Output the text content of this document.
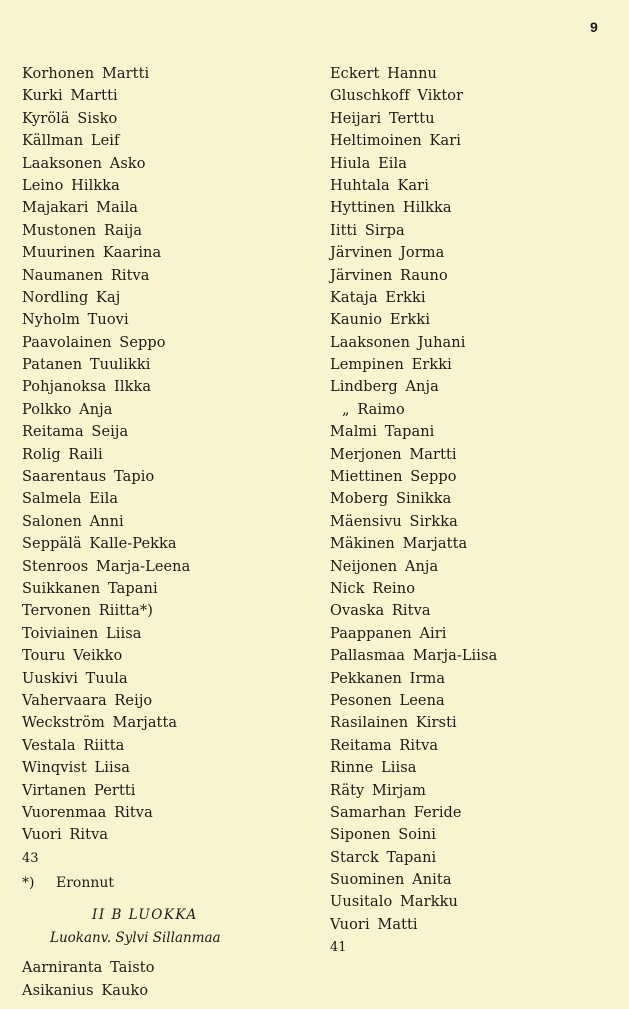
9
Korhonen Martti
Kurki Martti
Kyrölä Sisko
Källman Leif
Laaksonen Asko
Leino Hilkka
Majakari Maila
Mustonen Raija
Muurinen Kaarina
Naumanen Ritva
Nordling Kaj
Nyholm Tuovi
Paavolainen Seppo
Patanen Tuulikki
Pohjanoksa Ilkka
Polkko Anja
Reitama Seija
Rolig Raili
Saarentaus Tapio
Salmela Eila
Salonen Anni
Seppälä Kalle-Pekka
Stenroos Marja-Leena
Suikkanen Tapani
Tervonen Riitta*)
Toiviainen Liisa
Touru Veikko
Uuskivi Tuula
Vahervaara Reijo
Weckström Marjatta
Vestala Riitta
Winqvist Liisa
Virtanen Pertti
Vuorenmaa Ritva
Vuori Ritva
43
*) Eronnut
II B LUOKKA
Luokanv. Sylvi Sillanmaa
Aarniranta Taisto
Asikanius Kauko
Eckert Hannu
Gluschkoff Viktor
Heijari Terttu
Heltimoinen Kari
Hiula Eila
Huhtala Kari
Hyttinen Hilkka
Iitti Sirpa
Järvinen Jorma
Järvinen Rauno
Kataja Erkki
Kaunio Erkki
Laaksonen Juhani
Lempinen Erkki
Lindberg Anja
„ Raimo
Malmi Tapani
Merjonen Martti
Miettinen Seppo
Moberg Sinikka
Mäensivu Sirkka
Mäkinen Marjatta
Neijonen Anja
Nick Reino
Ovaska Ritva
Paappanen Airi
Pallasmaa Marja-Liisa
Pekkanen Irma
Pesonen Leena
Rasilainen Kirsti
Reitama Ritva
Rinne Liisa
Räty Mirjam
Samarhan Feride
Siponen Soini
Starck Tapani
Suominen Anita
Uusitalo Markku
Vuori Matti
41
